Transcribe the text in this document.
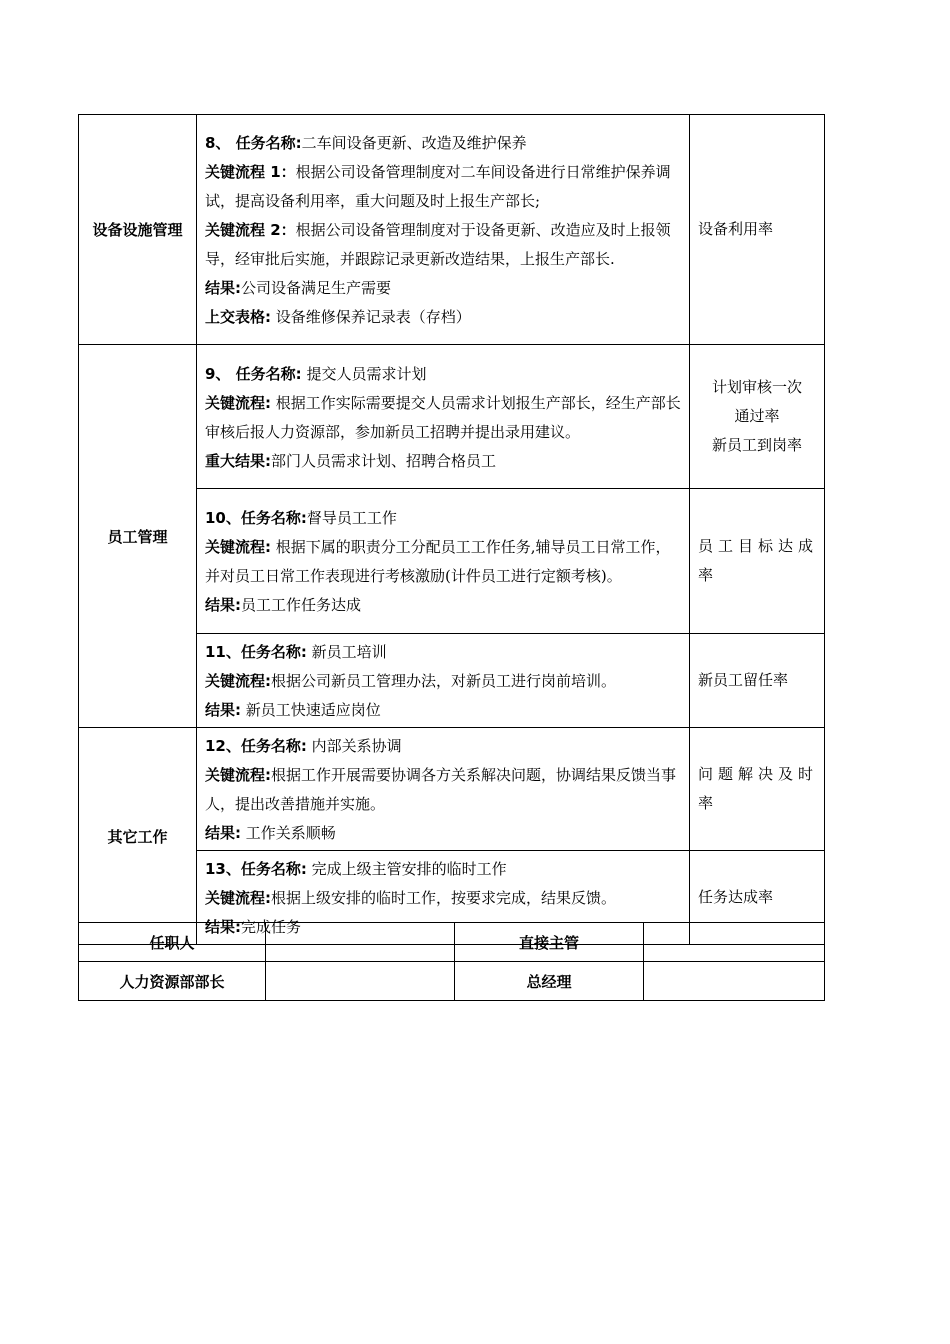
设备设施管理	8、 任务名称:二车间设备更新、改造及维护保养
关键流程 1：根据公司设备管理制度对二车间设备进行日常维护保养调试，提高设备利用率，重大问题及时上报生产部长;
关键流程 2：根据公司设备管理制度对于设备更新、改造应及时上报领导，经审批后实施，并跟踪记录更新改造结果，上报生产部长.
结果:公司设备满足生产需要
上交表格: 设备维修保养记录表（存档）	设备利用率
员工管理	9、 任务名称: 提交人员需求计划
关键流程: 根据工作实际需要提交人员需求计划报生产部长，经生产部长审核后报人力资源部，参加新员工招聘并提出录用建议。
重大结果:部门人员需求计划、招聘合格员工	计划审核一次
通过率
新员工到岗率

	10、任务名称:督导员工工作
关键流程: 根据下属的职责分工分配员工工作任务,辅导员工日常工作，并对员工日常工作表现进行考核激励(计件员工进行定额考核)。
结果:员工工作任务达成	员工目标达成率

	11、任务名称: 新员工培训
关键流程:根据公司新员工管理办法，对新员工进行岗前培训。
结果: 新员工快速适应岗位	新员工留任率
其它工作	12、任务名称: 内部关系协调
关键流程:根据工作开展需要协调各方关系解决问题，协调结果反馈当事人，提出改善措施并实施。
结果: 工作关系顺畅	问题解决及时率

	13、任务名称: 完成上级主管安排的临时工作
关键流程:根据上级安排的临时工作，按要求完成，结果反馈。
结果:完成任务	任务达成率
任职人		直接主管	
人力资源部部长		总经理	
